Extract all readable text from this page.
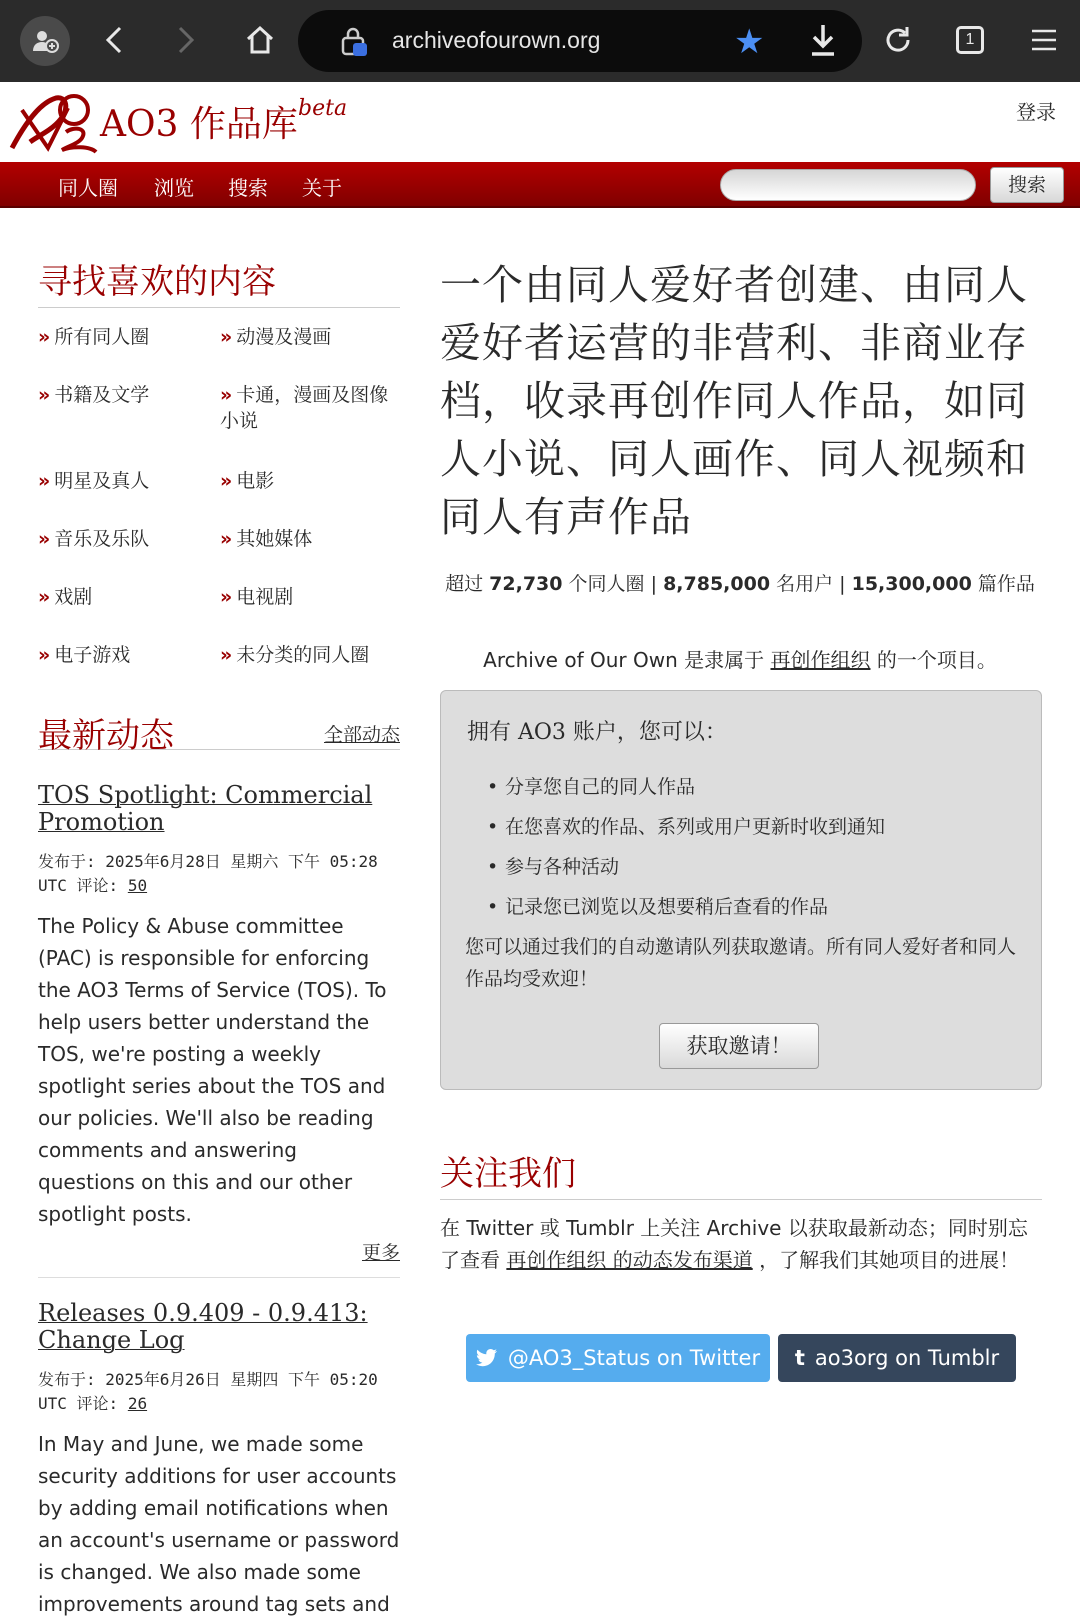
archiveofourown.org	★	1
AO3 作品库 beta	登录
同人圈 浏览 搜索 关于	搜索
寻找喜欢的内容
» 所有同人圈	» 动漫及漫画
» 书籍及文学	» 卡通，漫画及图像小说
» 明星及真人	» 电影
» 音乐及乐队	» 其她媒体
» 戏剧	» 电视剧
» 电子游戏	» 未分类的同人圈
最新动态	全部动态
TOS Spotlight: Commercial Promotion
发布于: 2025年6月28日 星期六 下午 05:28 UTC 评论: 50
The Policy & Abuse committee (PAC) is responsible for enforcing the AO3 Terms of Service (TOS). To help users better understand the TOS, we're posting a weekly spotlight series about the TOS and our policies. We'll also be reading comments and answering questions on this and our other spotlight posts.
更多
Releases 0.9.409 - 0.9.413: Change Log
发布于: 2025年6月26日 星期四 下午 05:20 UTC 评论: 26
In May and June, we made some security additions for user accounts by adding email notifications when an account's username or password is changed. We also made some improvements around tag sets and
一个由同人爱好者创建、由同人爱好者运营的非营利、非商业存档，收录再创作同人作品，如同人小说、同人画作、同人视频和同人有声作品
超过 72,730 个同人圈 | 8,785,000 名用户 | 15,300,000 篇作品
Archive of Our Own 是隶属于 再创作组织 的一个项目。
拥有 AO3 账户，您可以：
• 分享您自己的同人作品
• 在您喜欢的作品、系列或用户更新时收到通知
• 参与各种活动
• 记录您已浏览以及想要稍后查看的作品
您可以通过我们的自动邀请队列获取邀请。所有同人爱好者和同人作品均受欢迎！
获取邀请！
关注我们
在 Twitter 或 Tumblr 上关注 Archive 以获取最新动态；同时别忘了查看 再创作组织 的动态发布渠道 ，了解我们其她项目的进展！
@AO3_Status on Twitter	t ao3org on Tumblr
